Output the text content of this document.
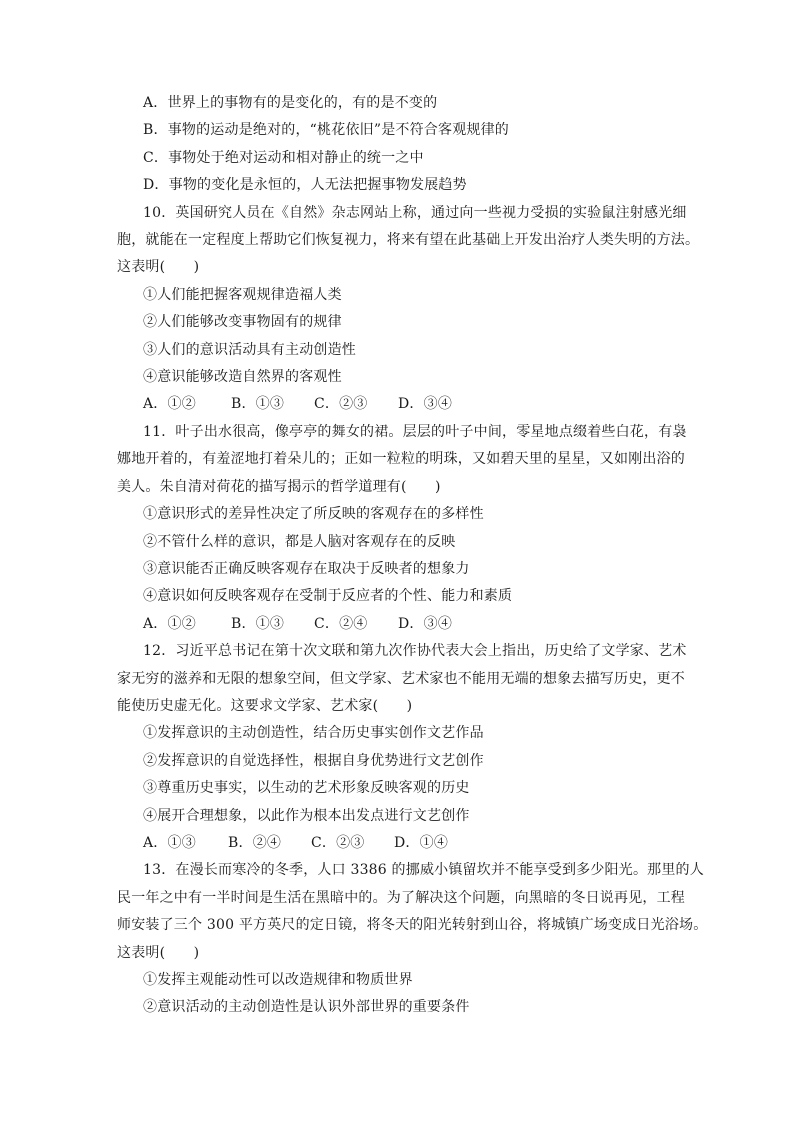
A．世界上的事物有的是变化的，有的是不变的
B．事物的运动是绝对的，“桃花依旧”是不符合客观规律的
C．事物处于绝对运动和相对静止的统一之中
D．事物的变化是永恒的，人无法把握事物发展趋势
10．英国研究人员在《自然》杂志网站上称，通过向一些视力受损的实验鼠注射感光细
胞，就能在一定程度上帮助它们恢复视力，将来有望在此基础上开发出治疗人类失明的方法。
这表明(　　)
①人们能把握客观规律造福人类
②人们能够改变事物固有的规律
③人们的意识活动具有主动创造性
④意识能够改造自然界的客观性
A．①②	B．①③ C．②③ D．③④
11．叶子出水很高，像亭亭的舞女的裙。层层的叶子中间，零星地点缀着些白花，有袅
娜地开着的，有羞涩地打着朵儿的；正如一粒粒的明珠，又如碧天里的星星，又如刚出浴的
美人。朱自清对荷花的描写揭示的哲学道理有(　　)
①意识形式的差异性决定了所反映的客观存在的多样性
②不管什么样的意识，都是人脑对客观存在的反映
③意识能否正确反映客观存在取决于反映者的想象力
④意识如何反映客观存在受制于反应者的个性、能力和素质
A．①②	B．①③ C．②④ D．③④
12．习近平总书记在第十次文联和第九次作协代表大会上指出，历史给了文学家、艺术
家无穷的滋养和无限的想象空间，但文学家、艺术家也不能用无端的想象去描写历史，更不
能使历史虚无化。这要求文学家、艺术家(　　)
①发挥意识的主动创造性，结合历史事实创作文艺作品
②发挥意识的自觉选择性，根据自身优势进行文艺创作
③尊重历史事实，以生动的艺术形象反映客观的历史
④展开合理想象，以此作为根本出发点进行文艺创作
A．①③ B．②④ C．②③ D．①④
13．在漫长而寒冷的冬季，人口 3386 的挪威小镇留坎并不能享受到多少阳光。那里的人
民一年之中有一半时间是生活在黑暗中的。为了解决这个问题，向黑暗的冬日说再见，工程
师安装了三个 300 平方英尺的定日镜，将冬天的阳光转射到山谷，将城镇广场变成日光浴场。
这表明(　　)
①发挥主观能动性可以改造规律和物质世界
②意识活动的主动创造性是认识外部世界的重要条件
